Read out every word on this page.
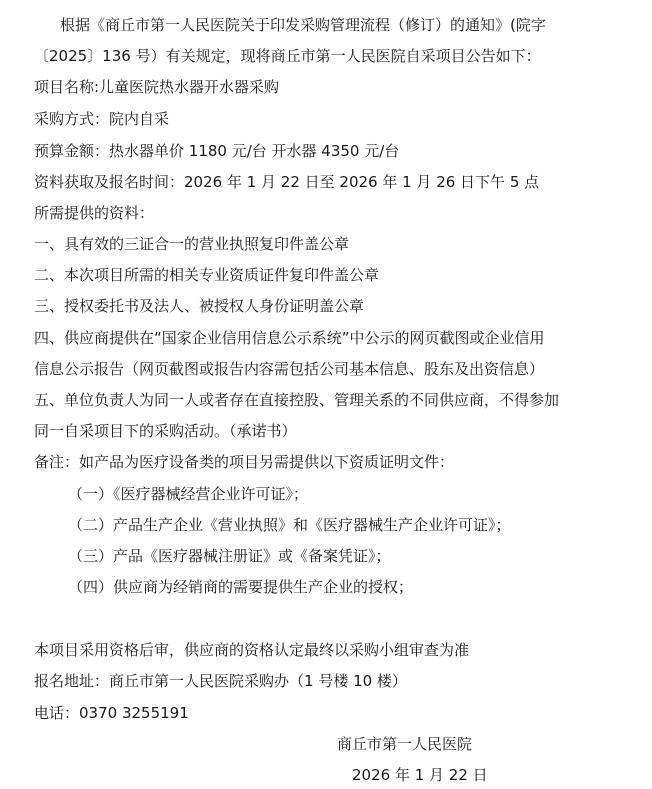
根据《商丘市第一人民医院关于印发采购管理流程（修订）的通知》(院字
〔2025〕136 号）有关规定，现将商丘市第一人民医院自采项目公告如下：
项目名称:儿童医院热水器开水器采购
采购方式：院内自采
预算金额：热水器单价 1180 元/台 开水器 4350 元/台
资料获取及报名时间：2026 年 1 月 22 日至 2026 年 1 月 26 日下午 5 点
所需提供的资料：
一、具有效的三证合一的营业执照复印件盖公章
二、本次项目所需的相关专业资质证件复印件盖公章
三、授权委托书及法人、被授权人身份证明盖公章
四、供应商提供在“国家企业信用信息公示系统”中公示的网页截图或企业信用
信息公示报告（网页截图或报告内容需包括公司基本信息、股东及出资信息）
五、单位负责人为同一人或者存在直接控股、管理关系的不同供应商，不得参加
同一自采项目下的采购活动。（承诺书）
备注：如产品为医疗设备类的项目另需提供以下资质证明文件：
（一）《医疗器械经营企业许可证》；
（二）产品生产企业《营业执照》和《医疗器械生产企业许可证》；
（三）产品《医疗器械注册证》或《备案凭证》；
（四）供应商为经销商的需要提供生产企业的授权；
本项目采用资格后审，供应商的资格认定最终以采购小组审查为准
报名地址：商丘市第一人民医院采购办（1 号楼 10 楼）
电话：0370 3255191
商丘市第一人民医院
2026 年 1 月 22 日
